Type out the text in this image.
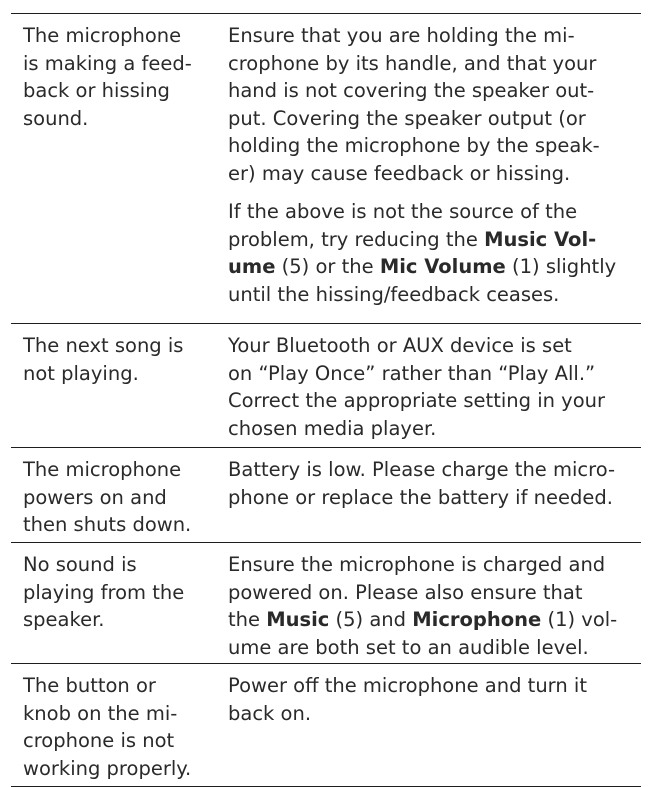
The microphone
is making a feed-
back or hissing
sound.
Ensure that you are holding the mi-
crophone by its handle, and that your
hand is not covering the speaker out-
put. Covering the speaker output (or
holding the microphone by the speak-
er) may cause feedback or hissing.
If the above is not the source of the
problem, try reducing the Music Vol-
ume (5) or the Mic Volume (1) slightly
until the hissing/feedback ceases.
The next song is
not playing.
Your Bluetooth or AUX device is set
on “Play Once” rather than “Play All.”
Correct the appropriate setting in your
chosen media player.
The microphone
powers on and
then shuts down.
Battery is low. Please charge the micro-
phone or replace the battery if needed.
No sound is
playing from the
speaker.
Ensure the microphone is charged and
powered on. Please also ensure that
the Music (5) and Microphone (1) vol-
ume are both set to an audible level.
The button or
knob on the mi-
crophone is not
working properly.
Power off the microphone and turn it
back on.
